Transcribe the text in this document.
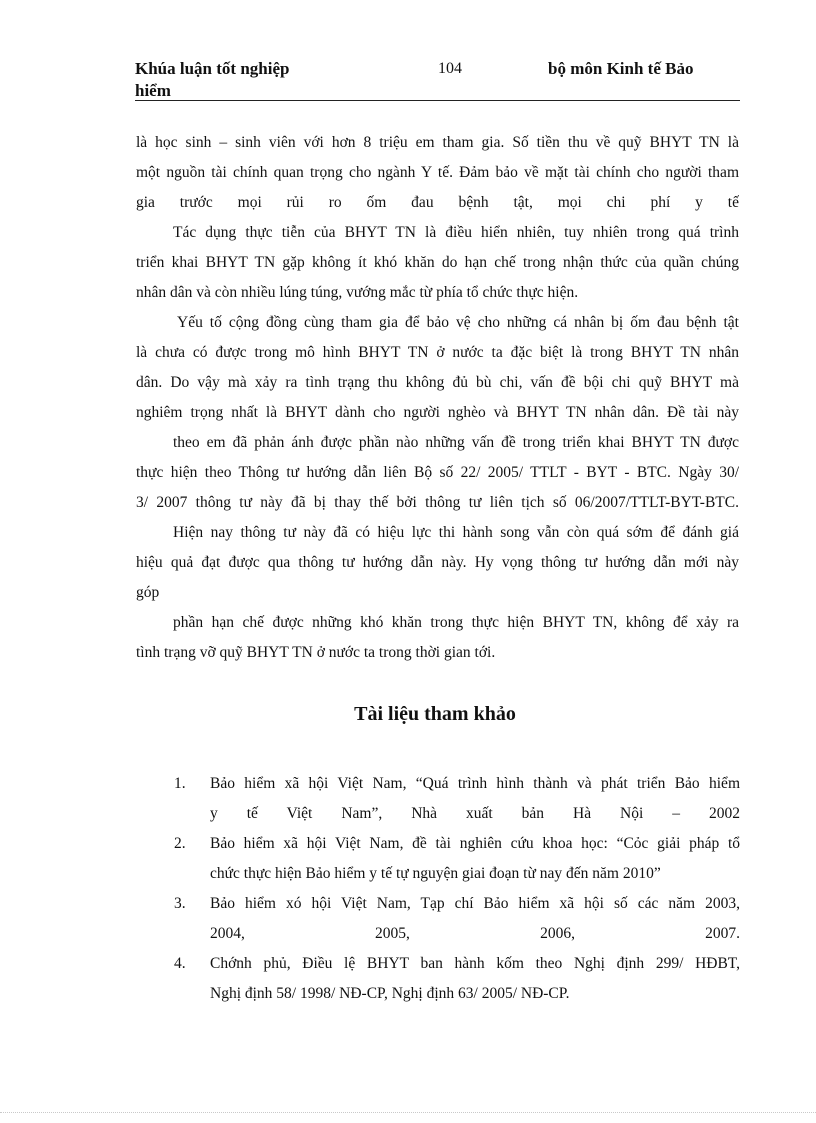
Khúa luận tốt nghiệp
hiểm
104	bộ môn Kinh tế Bảo
là học sinh – sinh viên với hơn 8 triệu em tham gia. Số tiền thu về quỹ BHYT TN là
một nguồn tài chính quan trọng cho ngành Y tế. Đảm bảo về mặt tài chính cho người tham
gia trước mọi rủi ro ốm đau bệnh tật, mọi chi phí y tế
Tác dụng thực tiễn của BHYT TN là điều hiển nhiên, tuy nhiên trong quá trình
triển khai BHYT TN gặp không ít khó khăn do hạn chế trong nhận thức của quần chúng
nhân dân và còn nhiều lúng túng, vướng mắc từ phía tổ chức thực hiện.
Yếu tố cộng đồng cùng tham gia để bảo vệ cho những cá nhân bị ốm đau bệnh tật
là chưa có được trong mô hình BHYT TN ở nước ta đặc biệt là trong BHYT TN nhân
dân. Do vậy mà xảy ra tình trạng thu không đủ bù chi, vấn đề bội chi quỹ BHYT mà
nghiêm trọng nhất là BHYT dành cho người nghèo và BHYT TN nhân dân. Đề tài này
theo em đã phản ánh được phần nào những vấn đề trong triển khai BHYT TN được
thực hiện theo Thông tư hướng dẫn liên Bộ số 22/ 2005/ TTLT - BYT - BTC. Ngày 30/
3/ 2007 thông tư này đã bị thay thế bởi thông tư liên tịch số 06/2007/TTLT-BYT-BTC.
Hiện nay thông tư này đã có hiệu lực thi hành song vẫn còn quá sớm để đánh giá
hiệu quả đạt được qua thông tư hướng dẫn này. Hy vọng thông tư hướng dẫn mới này
góp
phần hạn chế được những khó khăn trong thực hiện BHYT TN, không để xảy ra
tình trạng vỡ quỹ BHYT TN ở nước ta trong thời gian tới.
Tài liệu tham khảo
1. Bảo hiểm xã hội Việt Nam, “Quá trình hình thành và phát triển Bảo hiểm
y tế Việt Nam”, Nhà xuất bản Hà Nội – 2002
2. Bảo hiểm xã hội Việt Nam, đề tài nghiên cứu khoa học: “Cỏc giải pháp tổ
chức thực hiện Bảo hiểm y tế tự nguyện giai đoạn từ nay đến năm 2010”
3. Bảo hiểm xó hội Việt Nam, Tạp chí Bảo hiểm xã hội số các năm 2003,
2004, 2005, 2006, 2007.
4. Chớnh phủ, Điều lệ BHYT ban hành kốm theo Nghị định 299/ HĐBT,
Nghị định 58/ 1998/ NĐ-CP, Nghị định 63/ 2005/ NĐ-CP.
